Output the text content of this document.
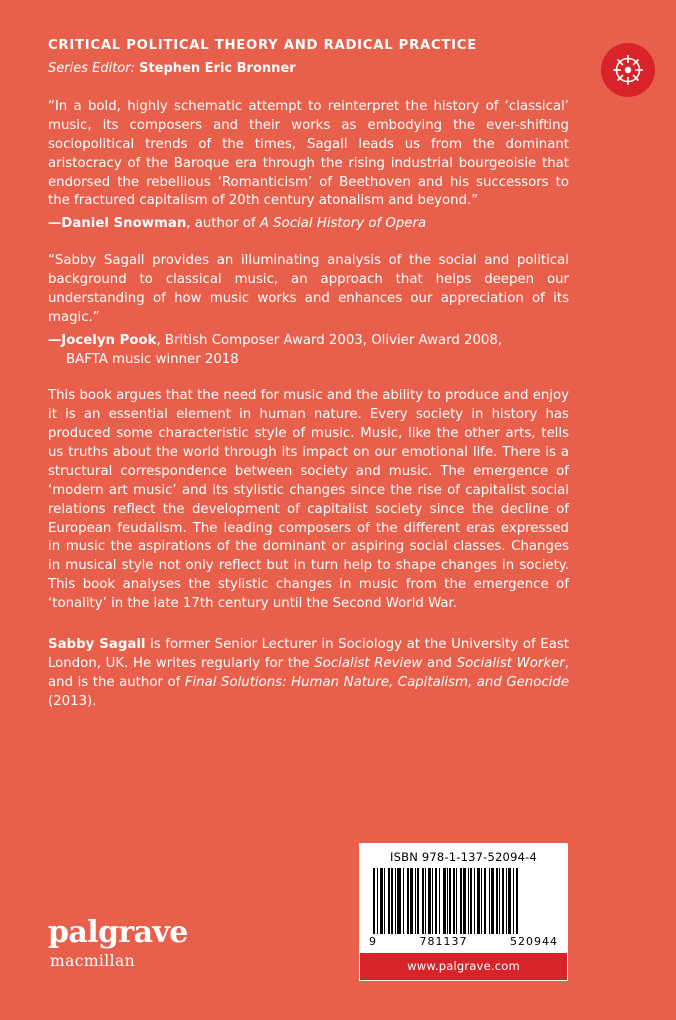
CRITICAL POLITICAL THEORY AND RADICAL PRACTICE
Series Editor: Stephen Eric Bronner

“In a bold, highly schematic attempt to reinterpret the history of ‘classical’ music, its composers and their works as embodying the ever-shifting sociopolitical trends of the times, Sagall leads us from the dominant aristocracy of the Baroque era through the rising industrial bourgeoisie that endorsed the rebellious ‘Romanticism’ of Beethoven and his successors to the fractured capitalism of 20th century atonalism and beyond.”

—Daniel Snowman, author of A Social History of Opera

“Sabby Sagall provides an illuminating analysis of the social and political background to classical music, an approach that helps deepen our understanding of how music works and enhances our appreciation of its magic.”

—Jocelyn Pook, British Composer Award 2003, Olivier Award 2008,
BAFTA music winner 2018

This book argues that the need for music and the ability to produce and enjoy it is an essential element in human nature. Every society in history has produced some characteristic style of music. Music, like the other arts, tells us truths about the world through its impact on our emotional life. There is a structural correspondence between society and music. The emergence of ‘modern art music’ and its stylistic changes since the rise of capitalist social relations reflect the development of capitalist society since the decline of European feudalism. The leading composers of the different eras expressed in music the aspirations of the dominant or aspiring social classes. Changes in musical style not only reflect but in turn help to shape changes in society. This book analyses the stylistic changes in music from the emergence of ‘tonality’ in the late 17th century until the Second World War.

Sabby Sagall is former Senior Lecturer in Sociology at the University of East London, UK. He writes regularly for the Socialist Review and Socialist Worker, and is the author of Final Solutions: Human Nature, Capitalism, and Genocide (2013).

ISBN 978-1-137-52094-4
9	781137	520944
www.palgrave.com
palgrave
macmillan
